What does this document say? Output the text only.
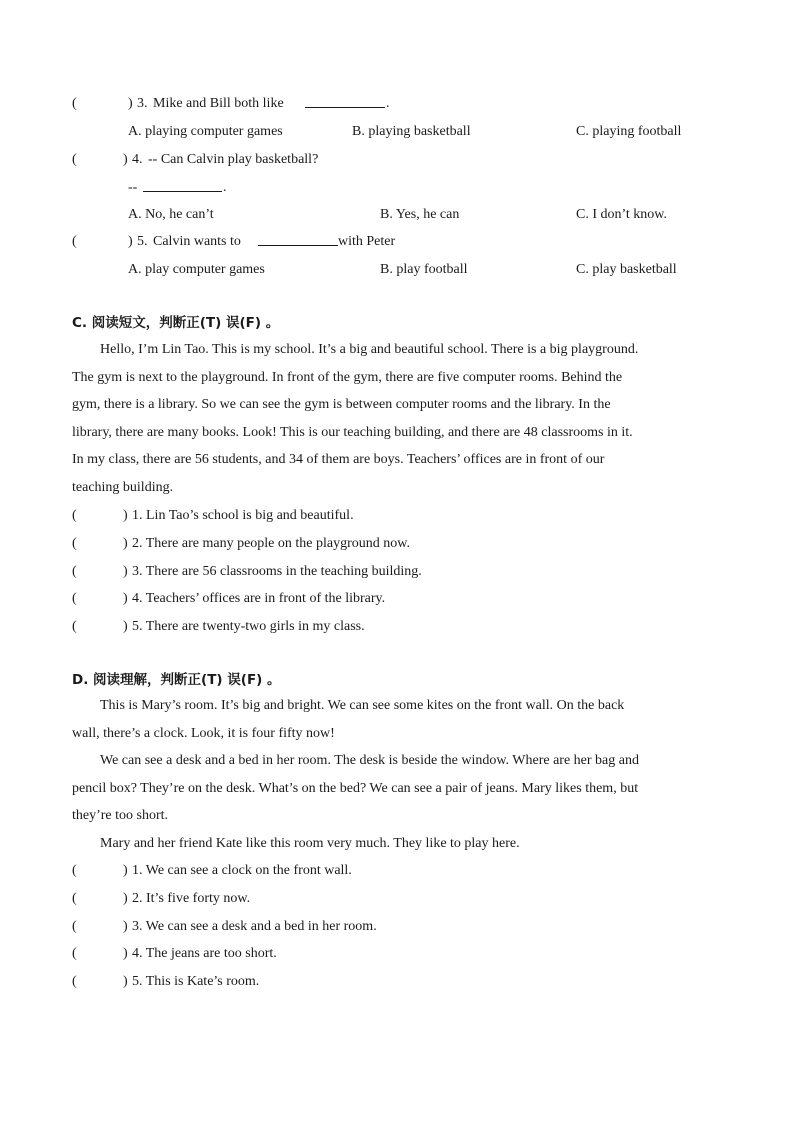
(	) 3. Mike and Bill both like	.
A. playing computer games	B. playing basketball	C. playing football
(	) 4. -- Can Calvin play basketball?
--	.
A. No, he can’t	B. Yes, he can	C. I don’t know.
(	) 5. Calvin wants to	with Peter
A. play computer games	B. play football	C. play basketball
C. 阅读短文，判断正(T) 误(F) 。
Hello, I’m Lin Tao. This is my school. It’s a big and beautiful school. There is a big playground.
The gym is next to the playground. In front of the gym, there are five computer rooms. Behind the
gym, there is a library. So we can see the gym is between computer rooms and the library. In the
library, there are many books. Look! This is our teaching building, and there are 48 classrooms in it.
In my class, there are 56 students, and 34 of them are boys. Teachers’ offices are in front of our
teaching building.
(	) 1. Lin Tao’s school is big and beautiful.
(	) 2. There are many people on the playground now.
(	) 3. There are 56 classrooms in the teaching building.
(	) 4. Teachers’ offices are in front of the library.
(	) 5. There are twenty-two girls in my class.
D. 阅读理解，判断正(T) 误(F) 。
This is Mary’s room. It’s big and bright. We can see some kites on the front wall. On the back
wall, there’s a clock. Look, it is four fifty now!
We can see a desk and a bed in her room. The desk is beside the window. Where are her bag and
pencil box? They’re on the desk. What’s on the bed? We can see a pair of jeans. Mary likes them, but
they’re too short.
Mary and her friend Kate like this room very much. They like to play here.
(	) 1. We can see a clock on the front wall.
(	) 2. It’s five forty now.
(	) 3. We can see a desk and a bed in her room.
(	) 4. The jeans are too short.
(	) 5. This is Kate’s room.
